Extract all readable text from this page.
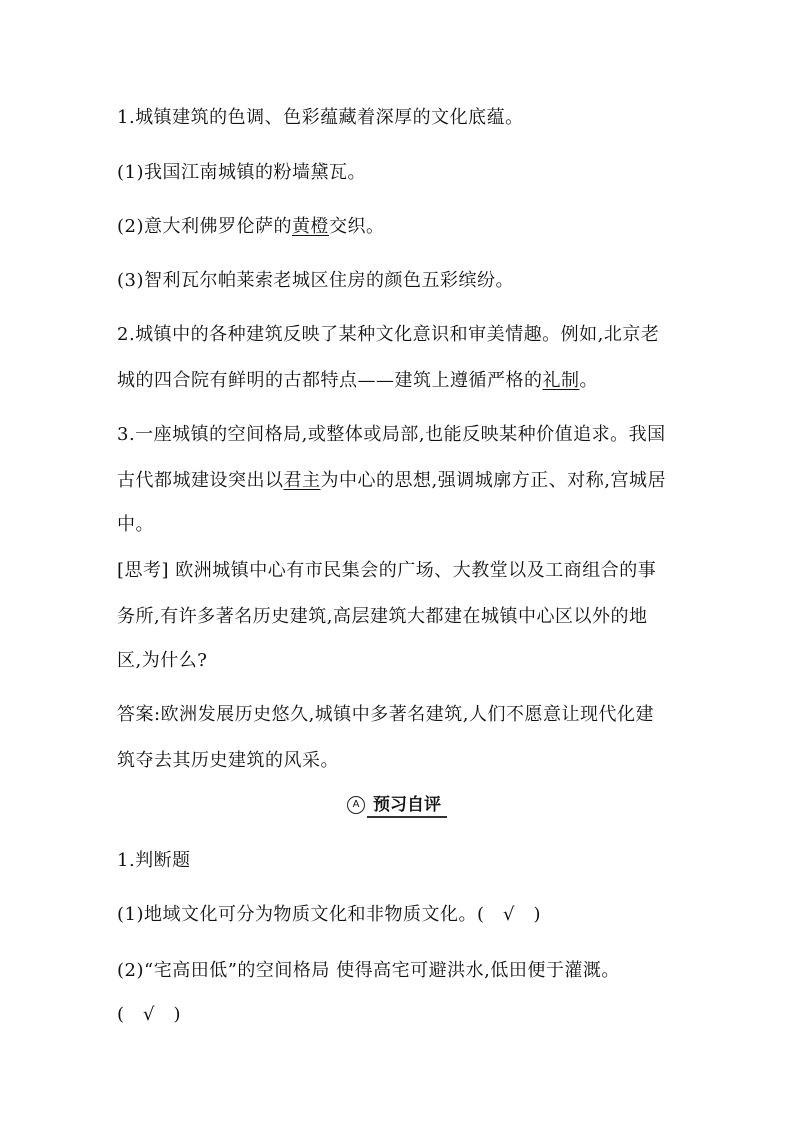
1.城镇建筑的色调、色彩蕴藏着深厚的文化底蕴。
(1)我国江南城镇的粉墙黛瓦。
(2)意大利佛罗伦萨的黄橙交织。
(3)智利瓦尔帕莱索老城区住房的颜色五彩缤纷。
2.城镇中的各种建筑反映了某种文化意识和审美情趣。例如,北京老
城的四合院有鲜明的古都特点——建筑上遵循严格的礼制。
3.一座城镇的空间格局,或整体或局部,也能反映某种价值追求。我国
古代都城建设突出以君主为中心的思想,强调城廓方正、对称,宫城居
中。
[思考] 欧洲城镇中心有市民集会的广场、大教堂以及工商组合的事
务所,有许多著名历史建筑,高层建筑大都建在城镇中心区以外的地
区,为什么?
答案:欧洲发展历史悠久,城镇中多著名建筑,人们不愿意让现代化建
筑夺去其历史建筑的风采。
A 预习自评
1.判断题
(1)地域文化可分为物质文化和非物质文化。(　√　)
(2)“宅高田低”的空间格局 使得高宅可避洪水,低田便于灌溉。
(　√　)
